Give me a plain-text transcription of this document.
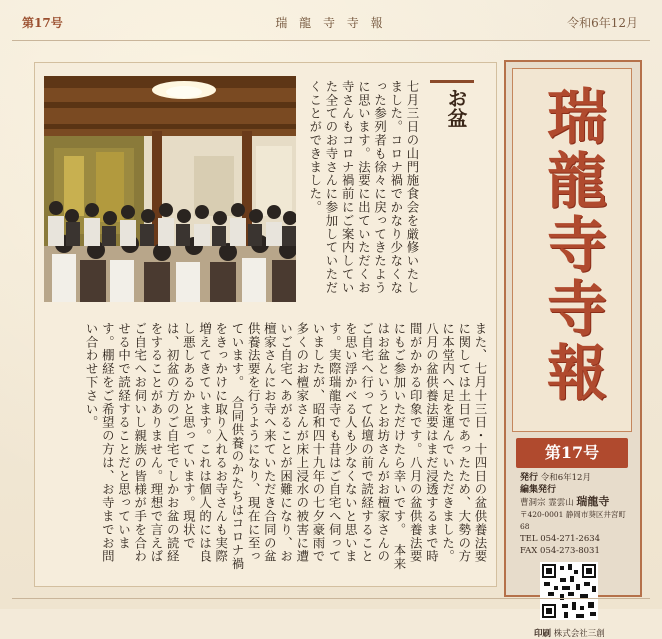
第17号	瑞 龍 寺 寺 報	令和6年12月
お盆
七月三日の山門施食会を厳修いたしました。コロナ禍でかなり少なくなった参列者も徐々に戻ってきたように思います。法要に出ていただくお寺さんもコロナ禍前にご案内していた全てのお寺さんに参加していただくことができました。
また、七月十三日・十四日の盆供養法要に関しては土日であったため、大勢の方に本堂内へ足を運んでいただきました。八月の盆供養法要はまだ浸透するまで時間がかかる印象です。八月の盆供養法要にもご参加いただけたら幸いです。　本来はお盆というとお坊さんがお檀家さんのご自宅へ行って仏壇の前で読経することを思い浮かべる人も少なくないと思います。実際瑞龍寺でも昔はご自宅へ伺っていましたが、昭和四十九年の七夕豪雨で多くのお檀家さんが床上浸水の被害に遭いご自宅へあがることが困難になり、お檀家さんにお寺へ来ていただき合同の盆供養法要を行うようになり、現在に至っています。　合同供養のかたちはコロナ禍をきっかけに取り入れるお寺さんも実際増えてきています。これは個人的には良し悪しあるかと思っています。現状では、初盆の方のご自宅でしかお盆の読経をすることがありません。理想で言えばご自宅へお伺いし親族の皆様が手を合わせる中で読経することだと思っています。棚経をご希望の方は、お寺までお問い合わせ下さい。	瑞龍寺寺報
第17号
発行 令和6年12月
編集発行
曹洞宗 霊雲山 瑞龍寺
〒420-0001 静岡市葵区井宮町68
TEL 054-271-2634
FAX 054-273-8031
印刷 株式会社三創
